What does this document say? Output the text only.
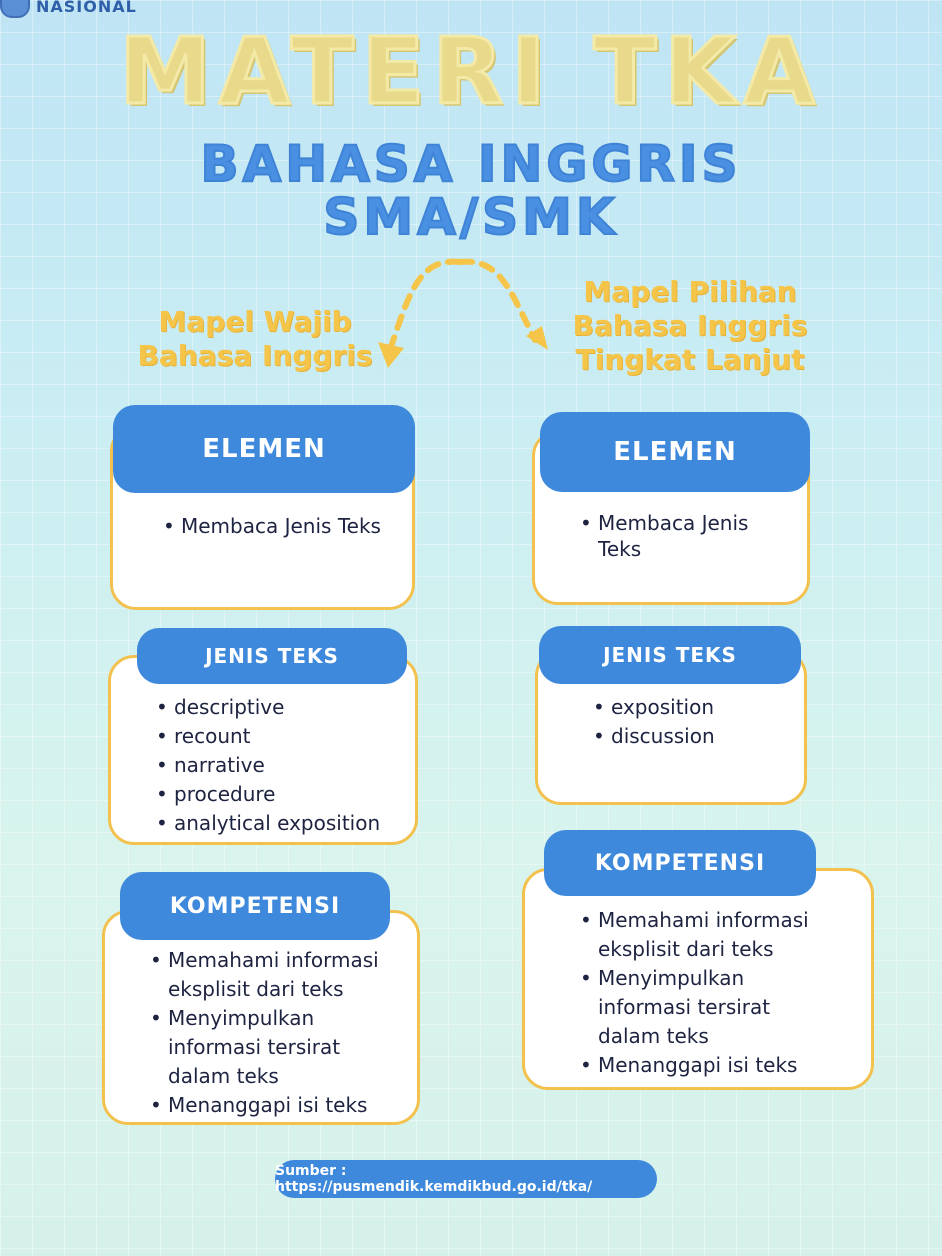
NASIONAL
MATERI TKA
BAHASA INGGRIS
SMA/SMK
Mapel Wajib
Bahasa Inggris
Mapel Pilihan
Bahasa Inggris
Tingkat Lanjut
• Membaca Jenis Teks
ELEMEN
• descriptive
• recount
• narrative
• procedure
• analytical exposition
JENIS TEKS
• Memahami informasi eksplisit dari teks
• Menyimpulkan informasi tersirat dalam teks
• Menanggapi isi teks
KOMPETENSI
• Membaca Jenis Teks
ELEMEN
• exposition
• discussion
JENIS TEKS
• Memahami informasi eksplisit dari teks
• Menyimpulkan informasi tersirat dalam teks
• Menanggapi isi teks
KOMPETENSI
Sumber : https://pusmendik.kemdikbud.go.id/tka/
